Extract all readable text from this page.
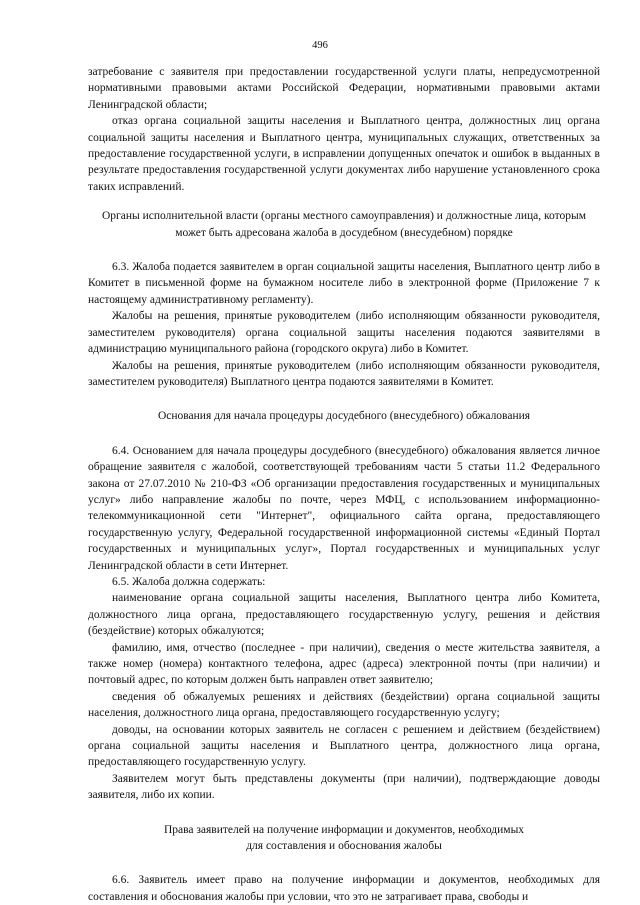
496

затребование с заявителя при предоставлении государственной услуги платы, непредусмотренной нормативными правовыми актами Российской Федерации, нормативными правовыми актами Ленинградской области;

отказ органа социальной защиты населения и Выплатного центра, должностных лиц органа социальной защиты населения и Выплатного центра, муниципальных служащих, ответственных за предоставление государственной услуги, в исправлении допущенных опечаток и ошибок в выданных в результате предоставления государственной услуги документах либо нарушение установленного срока таких исправлений.

Органы исполнительной власти (органы местного самоуправления) и должностные лица, которым может быть адресована жалоба в досудебном (внесудебном) порядке

6.3. Жалоба подается заявителем в орган социальной защиты населения, Выплатного центр либо в Комитет в письменной форме на бумажном носителе либо в электронной форме (Приложение 7 к настоящему административному регламенту).

Жалобы на решения, принятые руководителем (либо исполняющим обязанности руководителя, заместителем руководителя) органа социальной защиты населения подаются заявителями в администрацию муниципального района (городского округа) либо в Комитет.

Жалобы на решения, принятые руководителем (либо исполняющим обязанности руководителя, заместителем руководителя) Выплатного центра подаются заявителями в Комитет.

Основания для начала процедуры досудебного (внесудебного) обжалования

6.4. Основанием для начала процедуры досудебного (внесудебного) обжалования является личное обращение заявителя с жалобой, соответствующей требованиям части 5 статьи 11.2 Федерального закона от 27.07.2010 № 210-ФЗ «Об организации предоставления государственных и муниципальных услуг» либо направление жалобы по почте, через МФЦ, с использованием информационно-телекоммуникационной сети "Интернет", официального сайта органа, предоставляющего государственную услугу, Федеральной государственной информационной системы «Единый Портал государственных и муниципальных услуг», Портал государственных и муниципальных услуг Ленинградской области в сети Интернет.

6.5. Жалоба должна содержать:

наименование органа социальной защиты населения, Выплатного центра либо Комитета, должностного лица органа, предоставляющего государственную услугу, решения и действия (бездействие) которых обжалуются;

фамилию, имя, отчество (последнее - при наличии), сведения о месте жительства заявителя, а также номер (номера) контактного телефона, адрес (адреса) электронной почты (при наличии) и почтовый адрес, по которым должен быть направлен ответ заявителю;

сведения об обжалуемых решениях и действиях (бездействии) органа социальной защиты населения, должностного лица органа, предоставляющего государственную услугу;

доводы, на основании которых заявитель не согласен с решением и действием (бездействием) органа социальной защиты населения и Выплатного центра, должностного лица органа, предоставляющего государственную услугу.

Заявителем могут быть представлены документы (при наличии), подтверждающие доводы заявителя, либо их копии.

Права заявителей на получение информации и документов, необходимых

для составления и обоснования жалобы

6.6. Заявитель имеет право на получение информации и документов, необходимых для составления и обоснования жалобы при условии, что это не затрагивает права, свободы и
